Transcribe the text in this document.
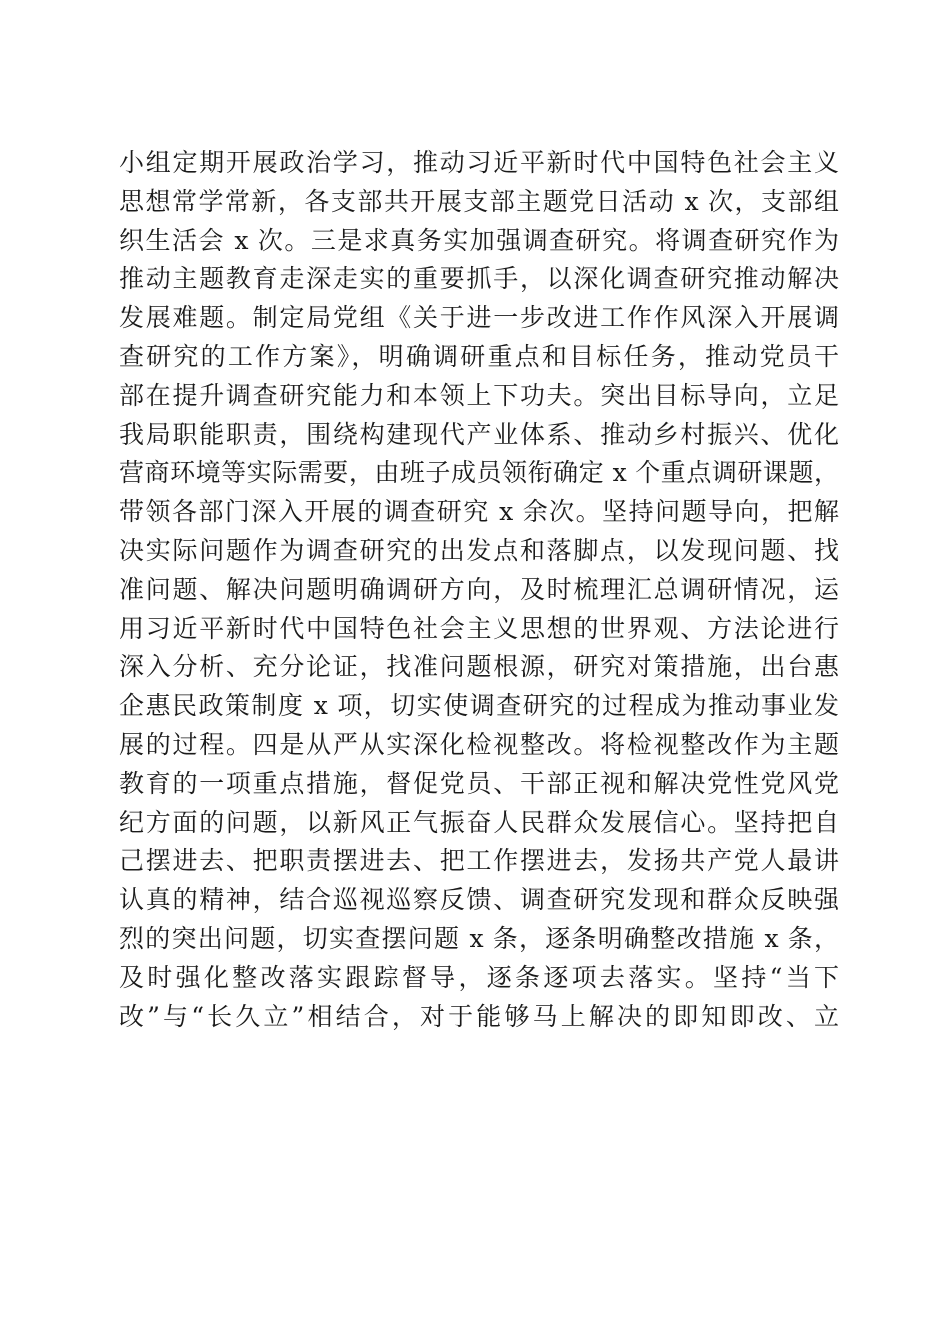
小组定期开展政治学习，推动习近平新时代中国特色社会主义
思想常学常新，各支部共开展支部主题党日活动 x 次，支部组
织生活会 x 次。三是求真务实加强调查研究。将调查研究作为
推动主题教育走深走实的重要抓手，以深化调查研究推动解决
发展难题。制定局党组《关于进一步改进工作作风深入开展调
查研究的工作方案》，明确调研重点和目标任务，推动党员干
部在提升调查研究能力和本领上下功夫。突出目标导向，立足
我局职能职责，围绕构建现代产业体系、推动乡村振兴、优化
营商环境等实际需要，由班子成员领衔确定 x 个重点调研课题，
带领各部门深入开展的调查研究 x 余次。坚持问题导向，把解
决实际问题作为调查研究的出发点和落脚点，以发现问题、找
准问题、解决问题明确调研方向，及时梳理汇总调研情况，运
用习近平新时代中国特色社会主义思想的世界观、方法论进行
深入分析、充分论证，找准问题根源，研究对策措施，出台惠
企惠民政策制度 x 项，切实使调查研究的过程成为推动事业发
展的过程。四是从严从实深化检视整改。将检视整改作为主题
教育的一项重点措施，督促党员、干部正视和解决党性党风党
纪方面的问题，以新风正气振奋人民群众发展信心。坚持把自
己摆进去、把职责摆进去、把工作摆进去，发扬共产党人最讲
认真的精神，结合巡视巡察反馈、调查研究发现和群众反映强
烈的突出问题，切实查摆问题 x 条，逐条明确整改措施 x 条，
及时强化整改落实跟踪督导，逐条逐项去落实。坚持“当下
改”与“长久立”相结合，对于能够马上解决的即知即改、立
